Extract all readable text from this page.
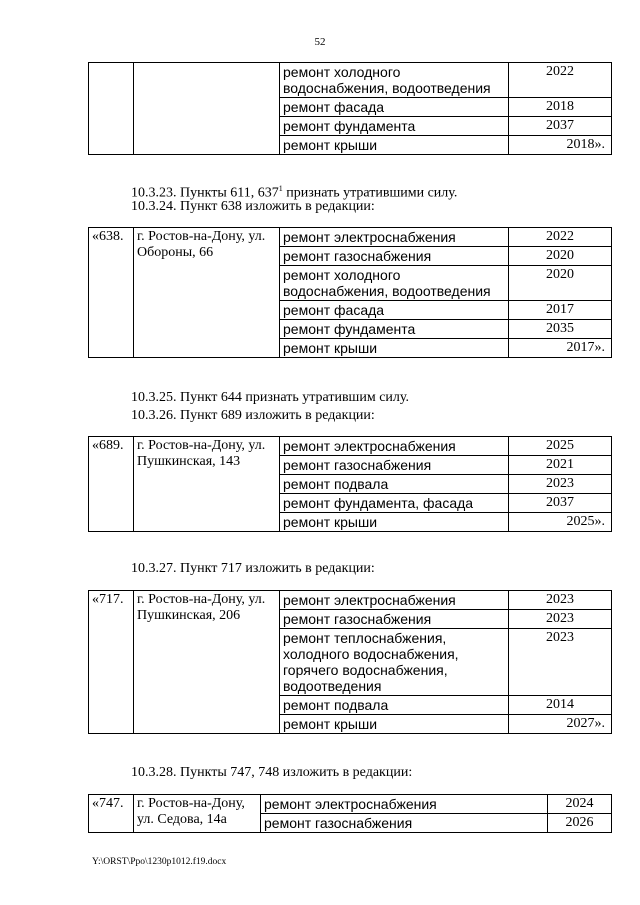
52
		ремонт холодного водоснабжения, водоотведения	2022
		ремонт фасада	2018
		ремонт фундамента	2037
		ремонт крыши	2018».
10.3.23. Пункты 611, $637^1$ признать утратившими силу.
10.3.24. Пункт 638 изложить в редакции:
«638.	г. Ростов-на-Дону, ул. Обороны, 66	ремонт электроснабжения	2022
		ремонт газоснабжения	2020
		ремонт холодного водоснабжения, водоотведения	2020
		ремонт фасада	2017
		ремонт фундамента	2035
		ремонт крыши	2017».
10.3.25. Пункт 644 признать утратившим силу.
10.3.26. Пункт 689 изложить в редакции:
«689.	г. Ростов-на-Дону, ул. Пушкинская, 143	ремонт электроснабжения	2025
		ремонт газоснабжения	2021
		ремонт подвала	2023
		ремонт фундамента, фасада	2037
		ремонт крыши	2025».
10.3.27. Пункт 717 изложить в редакции:
«717.	г. Ростов-на-Дону, ул. Пушкинская, 206	ремонт электроснабжения	2023
		ремонт газоснабжения	2023
		ремонт теплоснабжения, холодного водоснабжения, горячего водоснабжения, водоотведения	2023
		ремонт подвала	2014
		ремонт крыши	2027».
10.3.28. Пункты 747, 748 изложить в редакции:
«747.	г. Ростов-на-Дону, ул. Седова, 14а	ремонт электроснабжения	2024
		ремонт газоснабжения	2026
Y:\ORST\Ppo\1230p1012.f19.docx
